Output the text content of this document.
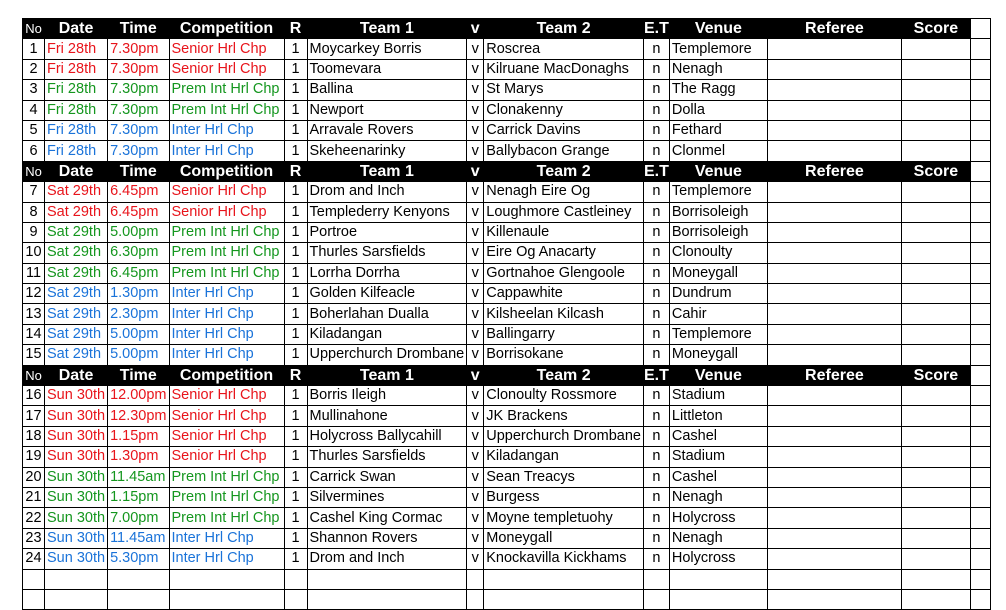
No	Date	Time	Competition	R	Team 1	v	Team 2	E.T	Venue	Referee	Score	
1	Fri 28th	7.30pm	Senior Hrl Chp	1	Moycarkey Borris	v	Roscrea	n	Templemore			
2	Fri 28th	7.30pm	Senior Hrl Chp	1	Toomevara	v	Kilruane MacDonaghs	n	Nenagh			
3	Fri 28th	7.30pm	Prem Int Hrl Chp	1	Ballina	v	St Marys	n	The Ragg			
4	Fri 28th	7.30pm	Prem Int Hrl Chp	1	Newport	v	Clonakenny	n	Dolla			
5	Fri 28th	7.30pm	Inter Hrl Chp	1	Arravale Rovers	v	Carrick Davins	n	Fethard			
6	Fri 28th	7.30pm	Inter Hrl Chp	1	Skeheenarinky	v	Ballybacon Grange	n	Clonmel			
No	Date	Time	Competition	R	Team 1	v	Team 2	E.T	Venue	Referee	Score	
7	Sat 29th	6.45pm	Senior Hrl Chp	1	Drom and Inch	v	Nenagh Eire Og	n	Templemore			
8	Sat 29th	6.45pm	Senior Hrl Chp	1	Templederry Kenyons	v	Loughmore Castleiney	n	Borrisoleigh			
9	Sat 29th	5.00pm	Prem Int Hrl Chp	1	Portroe	v	Killenaule	n	Borrisoleigh			
10	Sat 29th	6.30pm	Prem Int Hrl Chp	1	Thurles Sarsfields	v	Eire Og Anacarty	n	Clonoulty			
11	Sat 29th	6.45pm	Prem Int Hrl Chp	1	Lorrha Dorrha	v	Gortnahoe Glengoole	n	Moneygall			
12	Sat 29th	1.30pm	Inter Hrl Chp	1	Golden Kilfeacle	v	Cappawhite	n	Dundrum			
13	Sat 29th	2.30pm	Inter Hrl Chp	1	Boherlahan Dualla	v	Kilsheelan Kilcash	n	Cahir			
14	Sat 29th	5.00pm	Inter Hrl Chp	1	Kiladangan	v	Ballingarry	n	Templemore			
15	Sat 29th	5.00pm	Inter Hrl Chp	1	Upperchurch Drombane	v	Borrisokane	n	Moneygall			
No	Date	Time	Competition	R	Team 1	v	Team 2	E.T	Venue	Referee	Score	
16	Sun 30th	12.00pm	Senior Hrl Chp	1	Borris Ileigh	v	Clonoulty Rossmore	n	Stadium			
17	Sun 30th	12.30pm	Senior Hrl Chp	1	Mullinahone	v	JK Brackens	n	Littleton			
18	Sun 30th	1.15pm	Senior Hrl Chp	1	Holycross Ballycahill	v	Upperchurch Drombane	n	Cashel			
19	Sun 30th	1.30pm	Senior Hrl Chp	1	Thurles Sarsfields	v	Kiladangan	n	Stadium			
20	Sun 30th	11.45am	Prem Int Hrl Chp	1	Carrick Swan	v	Sean Treacys	n	Cashel			
21	Sun 30th	1.15pm	Prem Int Hrl Chp	1	Silvermines	v	Burgess	n	Nenagh			
22	Sun 30th	7.00pm	Prem Int Hrl Chp	1	Cashel King Cormac	v	Moyne templetuohy	n	Holycross			
23	Sun 30th	11.45am	Inter Hrl Chp	1	Shannon Rovers	v	Moneygall	n	Nenagh			
24	Sun 30th	5.30pm	Inter Hrl Chp	1	Drom and Inch	v	Knockavilla Kickhams	n	Holycross			
